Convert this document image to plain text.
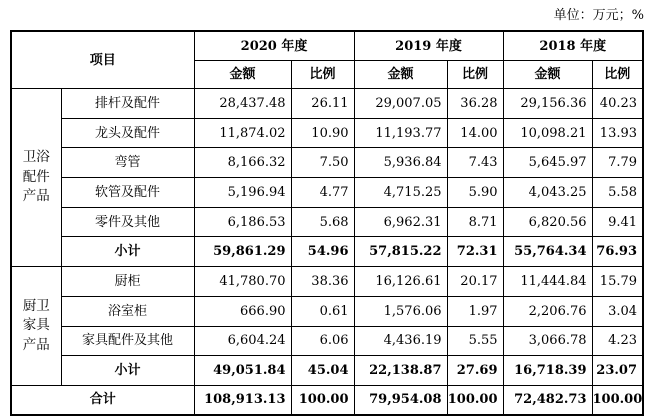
单位：万元；%
项目		2020 年度		2019 年度		2018 年度	
		金额	比例	金额	比例	金额	比例

卫浴
配件
产品	排杆及配件	28,437.48	26.11	29,007.05	36.28	29,156.36	40.23
	龙头及配件	11,874.02	10.90	11,193.77	14.00	10,098.21	13.93
	弯管	8,166.32	7.50	5,936.84	7.43	5,645.97	7.79
	软管及配件	5,196.94	4.77	4,715.25	5.90	4,043.25	5.58
	零件及其他	6,186.53	5.68	6,962.31	8.71	6,820.56	9.41
	小计	59,861.29	54.96	57,815.22	72.31	55,764.34	76.93

厨卫
家具
产品	厨柜	41,780.70	38.36	16,126.61	20.17	11,444.84	15.79
	浴室柜	666.90	0.61	1,576.06	1.97	2,206.76	3.04
	家具配件及其他	6,604.24	6.06	4,436.19	5.55	3,066.78	4.23
	小计	49,051.84	45.04	22,138.87	27.69	16,718.39	23.07
合计		108,913.13	100.00	79,954.08	100.00	72,482.73	100.00
